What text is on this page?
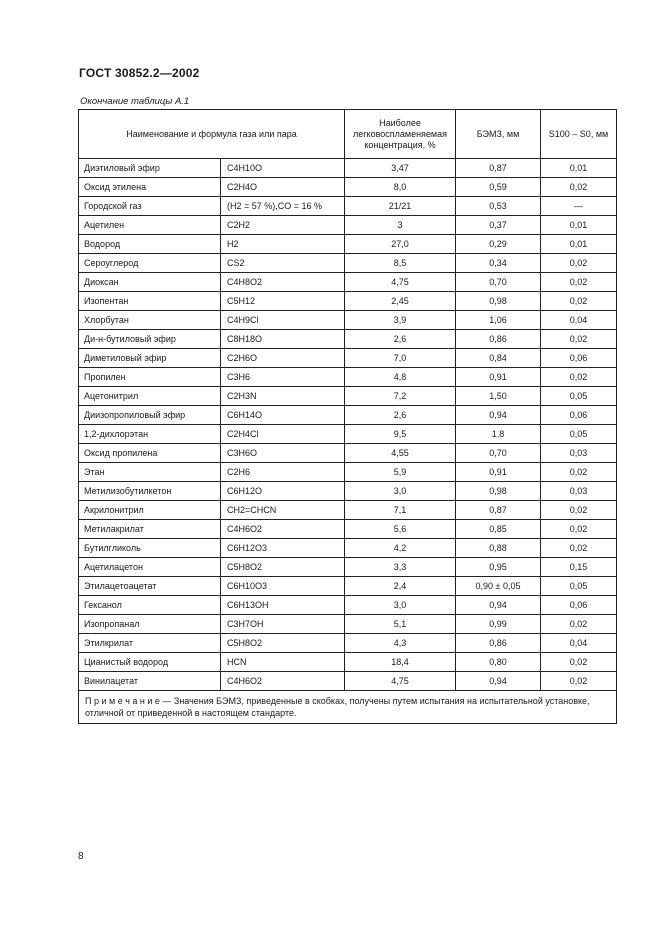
ГОСТ 30852.2—2002
Окончание таблицы А.1
Наименование и формула газа или пара		Наиболее легковоспламеняемая концентрация, %	БЭМЗ, мм	S100 – S0, мм
Диэтиловый эфир	C4H10O	3,47	0,87	0,01
Оксид этилена	C2H4O	8,0	0,59	0,02
Городской газ	(H2 = 57 %),CO = 16 %	21/21	0,53	—
Ацетилен	C2H2	3	0,37	0,01
Водород	H2	27,0	0,29	0,01
Сероуглерод	CS2	8,5	0,34	0,02
Диоксан	C4H8O2	4,75	0,70	0,02
Изопентан	C5H12	2,45	0,98	0,02
Хлорбутан	C4H9Cl	3,9	1,06	0,04
Ди-н-бутиловый эфир	C8H18O	2,6	0,86	0,02
Диметиловый эфир	C2H6O	7,0	0,84	0,06
Пропилен	C3H6	4,8	0,91	0,02
Ацетонитрил	C2H3N	7,2	1,50	0,05
Диизопропиловый эфир	C6H14O	2,6	0,94	0,06
1,2-дихлорэтан	C2H4Cl	9,5	1,8	0,05
Оксид пропилена	C3H6O	4,55	0,70	0,03
Этан	C2H6	5,9	0,91	0,02
Метилизобутилкетон	C6H12O	3,0	0,98	0,03
Акрилонитрил	CH2=CHCN	7,1	0,87	0,02
Метилакрилат	C4H6O2	5,6	0,85	0,02
Бутилгликоль	C6H12O3	4,2	0,88	0,02
Ацетилацетон	C5H8O2	3,3	0,95	0,15
Этилацетоацетат	C6H10O3	2,4	0,90 ± 0,05	0,05
Гексанол	C6H13OH	3,0	0,94	0,06
Изопропанал	C3H7OH	5,1	0,99	0,02
Этилкрилат	C5H8O2	4,3	0,86	0,04
Цианистый водород	HCN	18,4	0,80	0,02
Винилацетат	C4H6O2	4,75	0,94	0,02
П р и м е ч а н и е — Значения БЭМЗ, приведенные в скобках, получены путем испытания на испытательной установке, отличной от приведенной в настоящем стандарте.				
8
